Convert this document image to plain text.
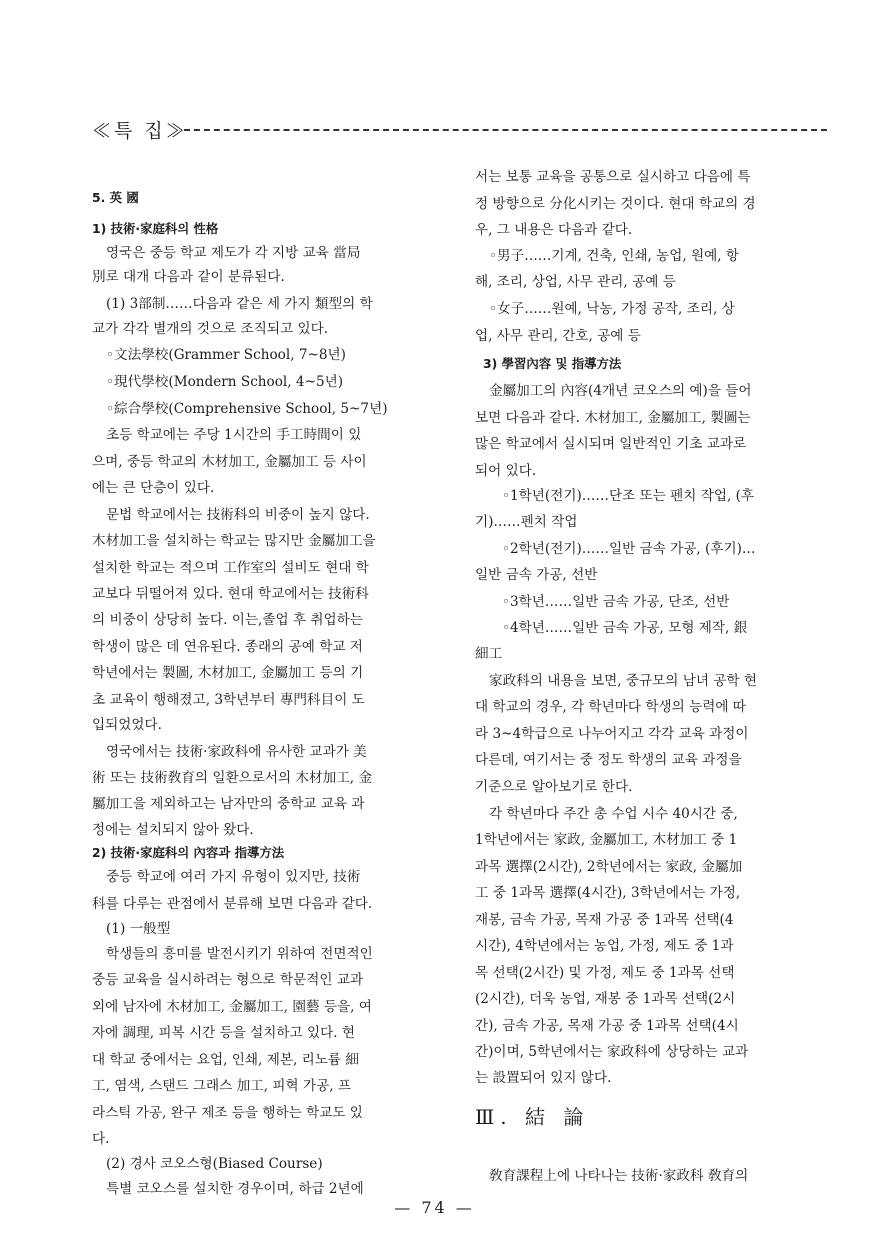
≪특 집≫
5. 英 國
1) 技術·家庭科의 性格
영국은 중등 학교 제도가 각 지방 교육 當局
別로 대개 다음과 같이 분류된다.
(1) 3部制……다음과 같은 세 가지 類型의 학
교가 각각 별개의 것으로 조직되고 있다.
◦文法學校(Grammer School, 7~8년)
◦現代學校(Mondern School, 4~5년)
◦綜合學校(Comprehensive School, 5~7년)
초등 학교에는 주당 1시간의 手工時間이 있
으며, 중등 학교의 木材加工, 金屬加工 등 사이
에는 큰 단층이 있다.
문법 학교에서는 技術科의 비중이 높지 않다.
木材加工을 설치하는 학교는 많지만 金屬加工을
설치한 학교는 적으며 工作室의 설비도 현대 학
교보다 뒤떨어져 있다. 현대 학교에서는 技術科
의 비중이 상당히 높다. 이는,졸업 후 취업하는
학생이 많은 데 연유된다. 종래의 공예 학교 저
학년에서는 製圖, 木材加工, 金屬加工 등의 기
초 교육이 행해졌고, 3학년부터 專門科目이 도
입되었었다.
영국에서는 技術·家政科에 유사한 교과가 美
術 또는 技術敎育의 일환으로서의 木材加工, 金
屬加工을 제외하고는 남자만의 중학교 교육 과
정에는 설치되지 않아 왔다.
2) 技術·家庭科의 內容과 指導方法
중등 학교에 여러 가지 유형이 있지만, 技術
科를 다루는 관점에서 분류해 보면 다음과 같다.
(1) 一般型
학생들의 흥미를 발전시키기 위하여 전면적인
중등 교육을 실시하려는 형으로 학문적인 교과
외에 남자에 木材加工, 金屬加工, 園藝 등을, 여
자에 調理, 피복 시간 등을 설치하고 있다. 현
대 학교 중에서는 요업, 인쇄, 제본, 리노륨 細
工, 염색, 스탠드 그래스 加工, 피혁 가공, 프
라스틱 가공, 완구 제조 등을 행하는 학교도 있
다.
(2) 경사 코오스형(Biased Course)
특별 코오스를 설치한 경우이며, 하급 2년에
서는 보통 교육을 공통으로 실시하고 다음에 특
정 방향으로 分化시키는 것이다. 현대 학교의 경
우, 그 내용은 다음과 같다.
◦男子……기계, 건축, 인쇄, 농업, 원예, 항
해, 조리, 상업, 사무 관리, 공예 등
◦女子……원예, 낙농, 가정 공작, 조리, 상
업, 사무 관리, 간호, 공예 등
3) 學習內容 및 指導方法
金屬加工의 內容(4개년 코오스의 예)을 들어
보면 다음과 같다. 木材加工, 金屬加工, 製圖는
많은 학교에서 실시되며 일반적인 기초 교과로
되어 있다.
◦1학년(전기)……단조 또는 펜치 작업, (후
기)……펜치 작업
◦2학년(전기)……일반 금속 가공, (후기)…
일반 금속 가공, 선반
◦3학년……일반 금속 가공, 단조, 선반
◦4학년……일반 금속 가공, 모형 제작, 銀
細工
家政科의 내용을 보면, 중규모의 남녀 공학 현
대 학교의 경우, 각 학년마다 학생의 능력에 따
라 3~4학급으로 나누어지고 각각 교육 과정이
다른데, 여기서는 중 정도 학생의 교육 과정을
기준으로 알아보기로 한다.
각 학년마다 주간 총 수업 시수 40시간 중,
1학년에서는 家政, 金屬加工, 木材加工 중 1
과목 選擇(2시간), 2학년에서는 家政, 金屬加
工 중 1과목 選擇(4시간), 3학년에서는 가정,
재봉, 금속 가공, 목재 가공 중 1과목 선택(4
시간), 4학년에서는 농업, 가정, 제도 중 1과
목 선택(2시간) 및 가정, 제도 중 1과목 선택
(2시간), 더욱 농업, 재봉 중 1과목 선택(2시
간), 금속 가공, 목재 가공 중 1과목 선택(4시
간)이며, 5학년에서는 家政科에 상당하는 교과
는 設置되어 있지 않다.
Ⅲ. 結 論
敎育課程上에 나타나는 技術·家政科 敎育의
— 74 —
